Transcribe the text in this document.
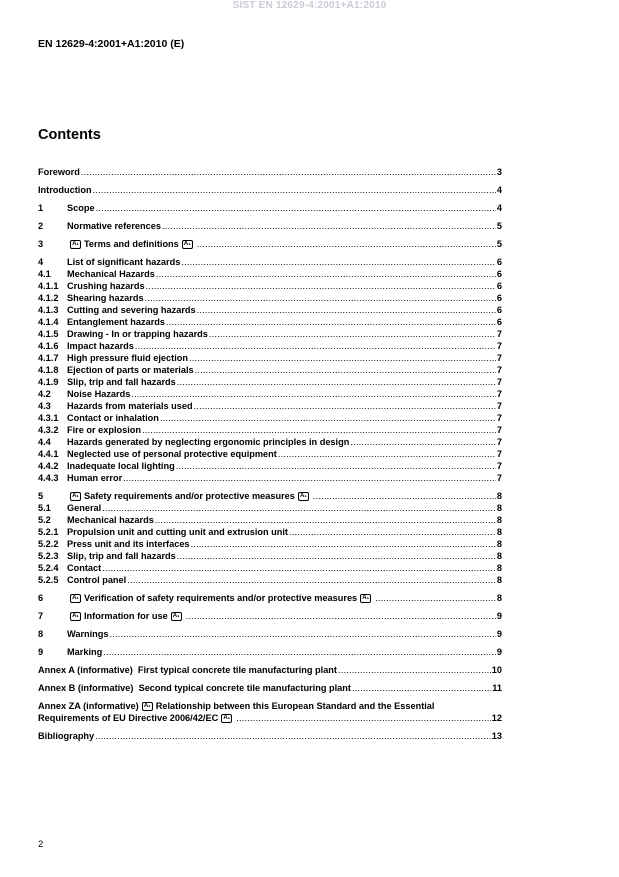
SIST EN 12629-4:2001+A1:2010
EN 12629-4:2001+A1:2010 (E)
Contents
Foreword .....	3
Introduction .....	4
1	Scope .....	4
2	Normative references .....	5
3	A₁ Terms and definitions A₁ .....	5
4	List of significant hazards .....	6
4.1	Mechanical Hazards .....	6
4.1.1 Crushing hazards .....	6
4.1.2 Shearing hazards .....	6
4.1.3 Cutting and severing hazards .....	6
4.1.4 Entanglement hazards .....	6
4.1.5 Drawing - In or trapping hazards .....	7
4.1.6 Impact hazards .....	7
4.1.7 High pressure fluid ejection .....	7
4.1.8 Ejection of parts or materials .....	7
4.1.9 Slip, trip and fall hazards .....	7
4.2	Noise Hazards .....	7
4.3	Hazards from materials used .....	7
4.3.1 Contact or inhalation .....	7
4.3.2 Fire or explosion .....	7
4.4	Hazards generated by neglecting ergonomic principles in design .....	7
4.4.1 Neglected use of personal protective equipment .....	7
4.4.2 Inadequate local lighting .....	7
4.4.3 Human error .....	7
5	A₁ Safety requirements and/or protective measures A₁ .....	8
5.1	General .....	8
5.2	Mechanical hazards .....	8
5.2.1 Propulsion unit and cutting unit and extrusion unit .....	8
5.2.2 Press unit and its interfaces .....	8
5.2.3 Slip, trip and fall hazards .....	8
5.2.4 Contact .....	8
5.2.5 Control panel .....	8
6	A₁ Verification of safety requirements and/or protective measures A₁ .....	8
7	A₁ Information for use A₁ .....	9
8	Warnings .....	9
9	Marking .....	9
Annex A (informative)  First typical concrete tile manufacturing plant .....	10
Annex B (informative)  Second typical concrete tile manufacturing plant .....	11
Annex ZA (informative) A₁ Relationship between this European Standard and the Essential
Requirements of EU Directive 2006/42/EC A₁ .....	12
Bibliography .....	13
2
